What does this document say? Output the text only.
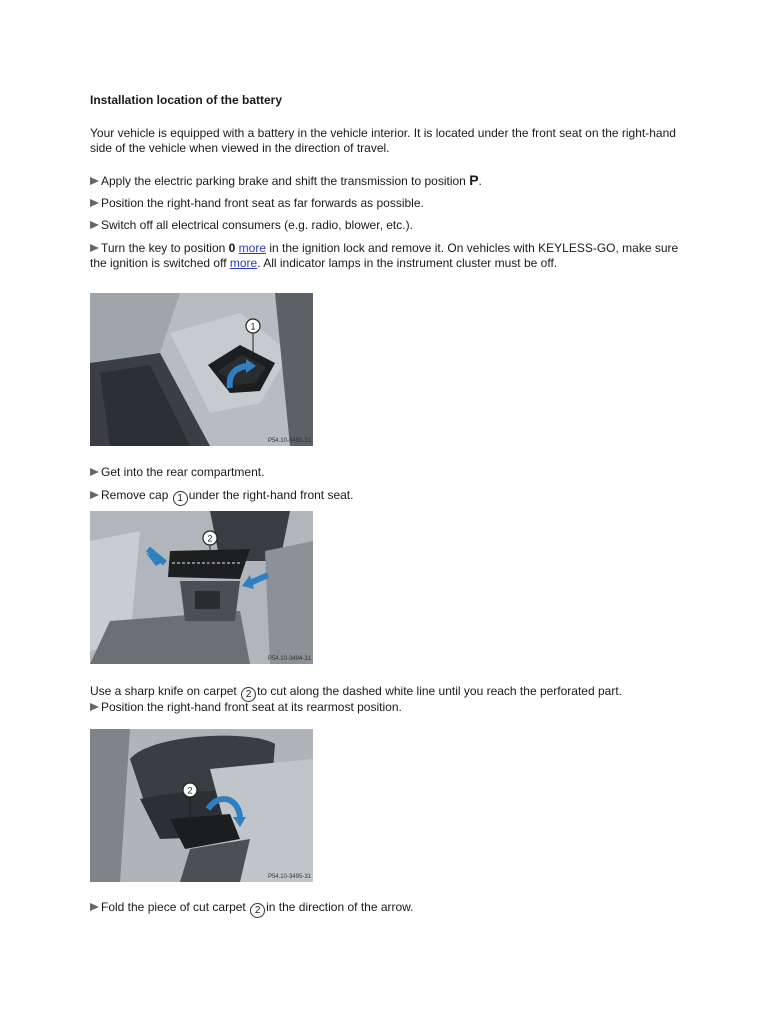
Installation location of the battery
Your vehicle is equipped with a battery in the vehicle interior. It is located under the front seat on the right-hand side of the vehicle when viewed in the direction of travel.
Apply the electric parking brake and shift the transmission to position P.
Position the right-hand front seat as far forwards as possible.
Switch off all electrical consumers (e.g. radio, blower, etc.).
Turn the key to position 0 more in the ignition lock and remove it. On vehicles with KEYLESS-GO, make sure the ignition is switched off more. All indicator lamps in the instrument cluster must be off.
1
P54.10-3493-31
Get into the rear compartment.
Remove cap 1 under the right-hand front seat.
2
P54.10-3494-31
Use a sharp knife on carpet 2 to cut along the dashed white line until you reach the perforated part.
Position the right-hand front seat at its rearmost position.
2
P54.10-3495-31
Fold the piece of cut carpet 2 in the direction of the arrow.
